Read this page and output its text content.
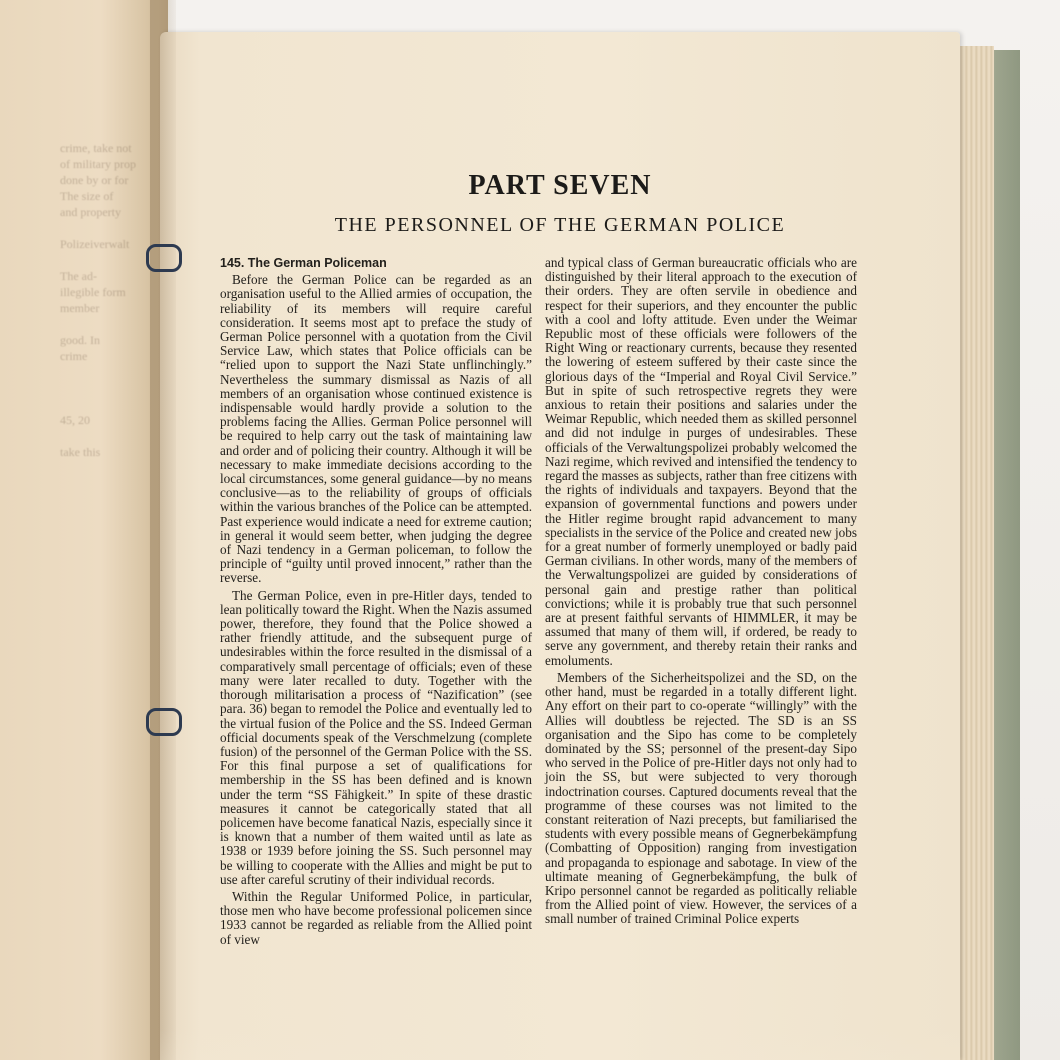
crime, take not
of military prop
done by or for
The size of
and property

Polizeiverwalt

The ad-
illegible form
member

good. In
crime

45, 20

take this
PART SEVEN
THE PERSONNEL OF THE GERMAN POLICE
145. The German Policeman

Before the German Police can be regarded as an organisation useful to the Allied armies of occupation, the reliability of its members will require careful consideration. It seems most apt to preface the study of German Police personnel with a quotation from the Civil Service Law, which states that Police officials can be “relied upon to support the Nazi State unflinchingly.” Nevertheless the summary dismissal as Nazis of all members of an organisation whose continued existence is indispensable would hardly provide a solution to the problems facing the Allies. German Police personnel will be required to help carry out the task of maintaining law and order and of policing their country. Although it will be necessary to make immediate decisions according to the local circumstances, some general guidance—by no means conclusive—as to the reliability of groups of officials within the various branches of the Police can be attempted. Past experience would indicate a need for extreme caution; in general it would seem better, when judging the degree of Nazi tendency in a German policeman, to follow the principle of “guilty until proved innocent,” rather than the reverse.

The German Police, even in pre-Hitler days, tended to lean politically toward the Right. When the Nazis assumed power, therefore, they found that the Police showed a rather friendly attitude, and the subsequent purge of undesirables within the force resulted in the dismissal of a comparatively small percentage of officials; even of these many were later recalled to duty. Together with the thorough militarisation a process of “Nazification” (see para. 36) began to remodel the Police and eventually led to the virtual fusion of the Police and the SS. Indeed German official documents speak of the Verschmelzung (complete fusion) of the personnel of the German Police with the SS. For this final purpose a set of qualifications for membership in the SS has been defined and is known under the term “SS Fähigkeit.” In spite of these drastic measures it cannot be categorically stated that all policemen have become fanatical Nazis, especially since it is known that a number of them waited until as late as 1938 or 1939 before joining the SS. Such personnel may be willing to cooperate with the Allies and might be put to use after careful scrutiny of their individual records.

Within the Regular Uniformed Police, in particular, those men who have become professional policemen since 1933 cannot be regarded as reliable from the Allied point of view

and typical class of German bureaucratic officials who are distinguished by their literal approach to the execution of their orders. They are often servile in obedience and respect for their superiors, and they encounter the public with a cool and lofty attitude. Even under the Weimar Republic most of these officials were followers of the Right Wing or reactionary currents, because they resented the lowering of esteem suffered by their caste since the glorious days of the “Imperial and Royal Civil Service.” But in spite of such retrospective regrets they were anxious to retain their positions and salaries under the Weimar Republic, which needed them as skilled personnel and did not indulge in purges of undesirables. These officials of the Verwaltungspolizei probably welcomed the Nazi regime, which revived and intensified the tendency to regard the masses as subjects, rather than free citizens with the rights of individuals and taxpayers. Beyond that the expansion of governmental functions and powers under the Hitler regime brought rapid advancement to many specialists in the service of the Police and created new jobs for a great number of formerly unemployed or badly paid German civilians. In other words, many of the members of the Verwaltungspolizei are guided by considerations of personal gain and prestige rather than political convictions; while it is probably true that such personnel are at present faithful servants of HIMMLER, it may be assumed that many of them will, if ordered, be ready to serve any government, and thereby retain their ranks and emoluments.

Members of the Sicherheitspolizei and the SD, on the other hand, must be regarded in a totally different light. Any effort on their part to co-operate “willingly” with the Allies will doubtless be rejected. The SD is an SS organisation and the Sipo has come to be completely dominated by the SS; personnel of the present-day Sipo who served in the Police of pre-Hitler days not only had to join the SS, but were subjected to very thorough indoctrination courses. Captured documents reveal that the programme of these courses was not limited to the constant reiteration of Nazi precepts, but familiarised the students with every possible means of Gegnerbekämpfung (Combatting of Opposition) ranging from investigation and propaganda to espionage and sabotage. In view of the ultimate meaning of Gegnerbekämpfung, the bulk of Kripo personnel cannot be regarded as politically reliable from the Allied point of view. However, the services of a small number of trained Criminal Police experts
